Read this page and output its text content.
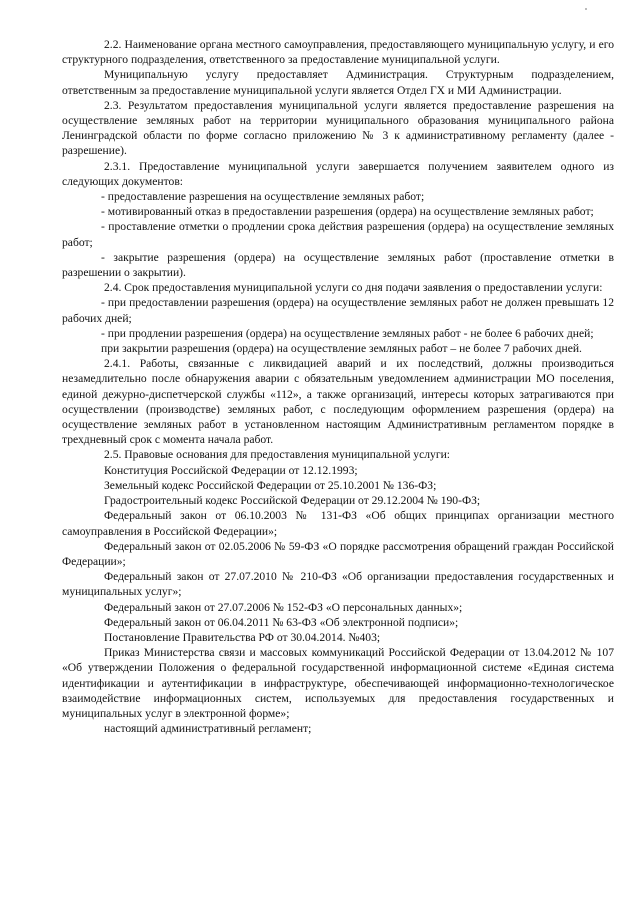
2.2. Наименование органа местного самоуправления, предоставляющего муниципальную услугу, и его структурного подразделения, ответственного за предоставление муниципальной услуги.

Муниципальную услугу предоставляет Администрация. Структурным подразделением, ответственным за предоставление муниципальной услуги является Отдел ГХ и МИ Администрации.

2.3. Результатом предоставления муниципальной услуги является предоставление разрешения на осуществление земляных работ на территории муниципального образования муниципального района Ленинградской области по форме согласно приложению № 3 к административному регламенту (далее - разрешение).

2.3.1. Предоставление муниципальной услуги завершается получением заявителем одного из следующих документов:

- предоставление разрешения на осуществление земляных работ;

- мотивированный отказ в предоставлении разрешения (ордера) на осуществление земляных работ;

- проставление отметки о продлении срока действия разрешения (ордера) на осуществление земляных работ;

- закрытие разрешения (ордера) на осуществление земляных работ (проставление отметки в разрешении о закрытии).

2.4. Срок предоставления муниципальной услуги со дня подачи заявления о предоставлении услуги:

- при предоставлении разрешения (ордера) на осуществление земляных работ не должен превышать 12 рабочих дней;

- при продлении разрешения (ордера) на осуществление земляных работ - не более 6 рабочих дней;

при закрытии разрешения (ордера) на осуществление земляных работ – не более 7 рабочих дней.

2.4.1. Работы, связанные с ликвидацией аварий и их последствий, должны производиться незамедлительно после обнаружения аварии с обязательным уведомлением администрации МО поселения, единой дежурно-диспетчерской службы «112», а также организаций, интересы которых затрагиваются при осуществлении (производстве) земляных работ, с последующим оформлением разрешения (ордера) на осуществление земляных работ в установленном настоящим Административным регламентом порядке в трехдневный срок с момента начала работ.

2.5. Правовые основания для предоставления муниципальной услуги:

Конституция Российской Федерации от 12.12.1993;

Земельный кодекс Российской Федерации от 25.10.2001 № 136-ФЗ;

Градостроительный кодекс Российской Федерации от 29.12.2004 № 190-ФЗ;

Федеральный закон от 06.10.2003 № 131-ФЗ «Об общих принципах организации местного самоуправления в Российской Федерации»;

Федеральный закон от 02.05.2006 № 59-ФЗ «О порядке рассмотрения обращений граждан Российской Федерации»;

Федеральный закон от 27.07.2010 № 210-ФЗ «Об организации предоставления государственных и муниципальных услуг»;

Федеральный закон от 27.07.2006 № 152-ФЗ «О персональных данных»;

Федеральный закон от 06.04.2011 № 63-ФЗ «Об электронной подписи»;

Постановление Правительства РФ от 30.04.2014. №403;

Приказ Министерства связи и массовых коммуникаций Российской Федерации от 13.04.2012 № 107 «Об утверждении Положения о федеральной государственной информационной системе «Единая система идентификации и аутентификации в инфраструктуре, обеспечивающей информационно-технологическое взаимодействие информационных систем, используемых для предоставления государственных и муниципальных услуг в электронной форме»;

настоящий административный регламент;
